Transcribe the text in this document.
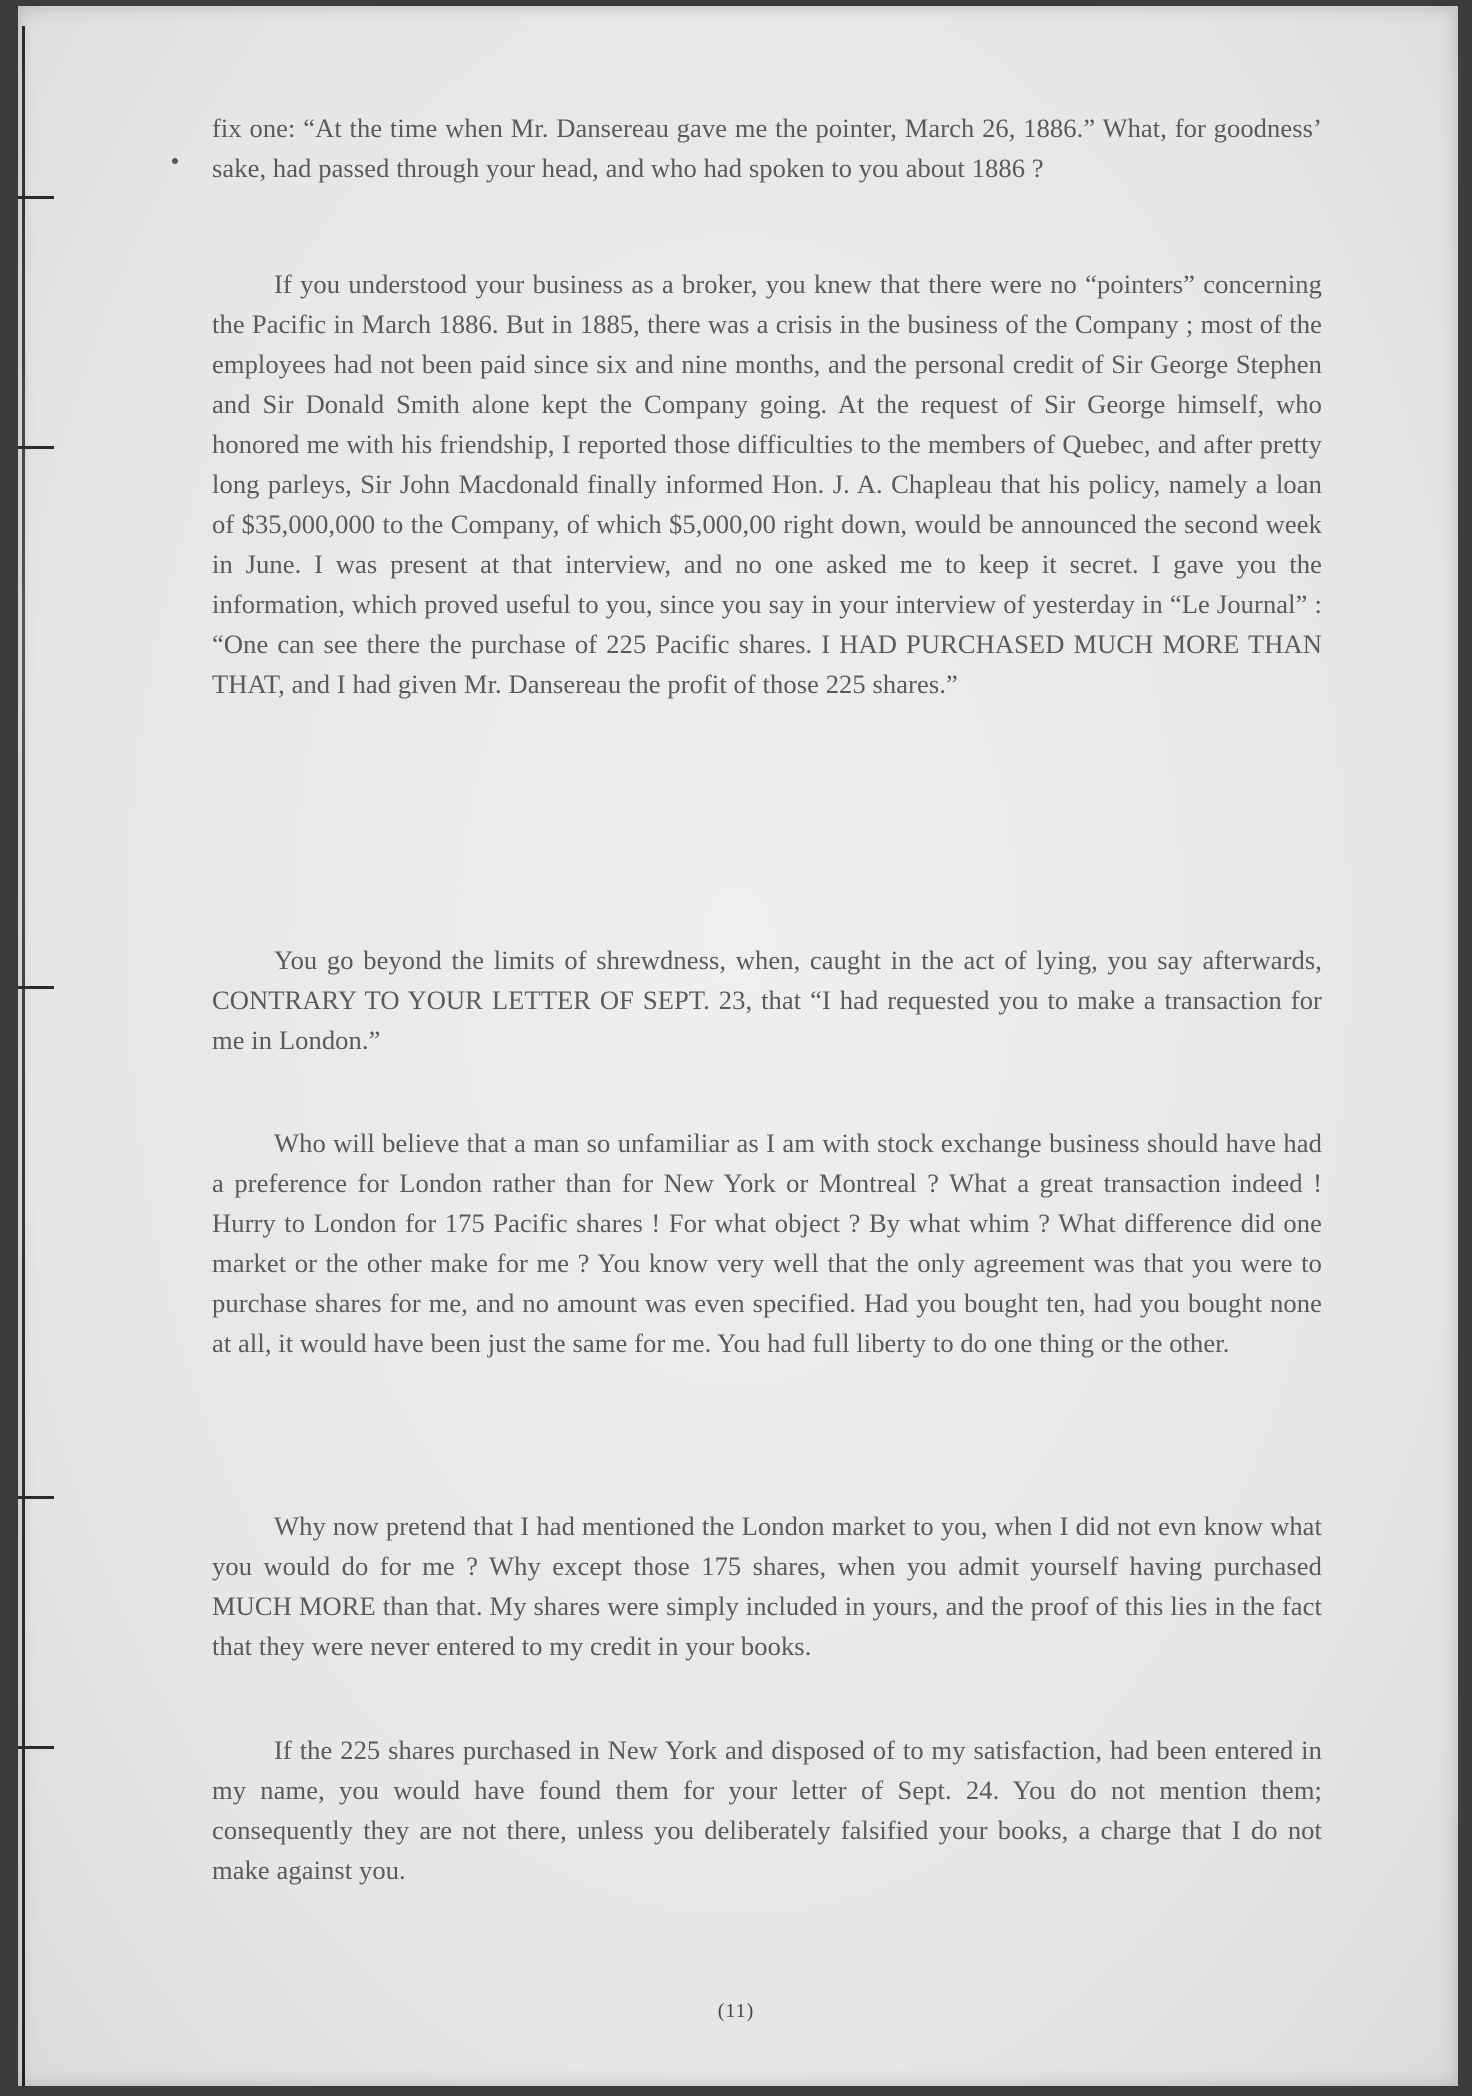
fix one: “At the time when Mr. Dansereau gave me the pointer, March 26, 1886.” What, for goodness’ sake, had passed through your head, and who had spoken to you about 1886 ?

If you understood your business as a broker, you knew that there were no “pointers” concerning the Pacific in March 1886. But in 1885, there was a crisis in the business of the Company ; most of the employees had not been paid since six and nine months, and the personal credit of Sir George Stephen and Sir Donald Smith alone kept the Company going. At the request of Sir George himself, who honored me with his friendship, I reported those difficulties to the members of Quebec, and after pretty long parleys, Sir John Macdonald finally informed Hon. J. A. Chapleau that his policy, namely a loan of $35,000,000 to the Company, of which $5,000,00 right down, would be announced the second week in June. I was present at that interview, and no one asked me to keep it secret. I gave you the information, which proved useful to you, since you say in your interview of yesterday in “Le Journal” : “One can see there the purchase of 225 Pacific shares. I HAD PURCHASED MUCH MORE THAN THAT, and I had given Mr. Dansereau the profit of those 225 shares.”

You go beyond the limits of shrewdness, when, caught in the act of lying, you say afterwards, CONTRARY TO YOUR LETTER OF SEPT. 23, that “I had requested you to make a transaction for me in London.”

Who will believe that a man so unfamiliar as I am with stock exchange business should have had a preference for London rather than for New York or Montreal ? What a great transaction indeed ! Hurry to London for 175 Pacific shares ! For what object ? By what whim ? What difference did one market or the other make for me ? You know very well that the only agreement was that you were to purchase shares for me, and no amount was even specified. Had you bought ten, had you bought none at all, it would have been just the same for me. You had full liberty to do one thing or the other.

Why now pretend that I had mentioned the London market to you, when I did not evn know what you would do for me ? Why except those 175 shares, when you admit yourself having purchased MUCH MORE than that. My shares were simply included in yours, and the proof of this lies in the fact that they were never entered to my credit in your books.

If the 225 shares purchased in New York and disposed of to my satisfaction, had been entered in my name, you would have found them for your letter of Sept. 24. You do not mention them; consequently they are not there, unless you deliberately falsified your books, a charge that I do not make against you.

(11)
